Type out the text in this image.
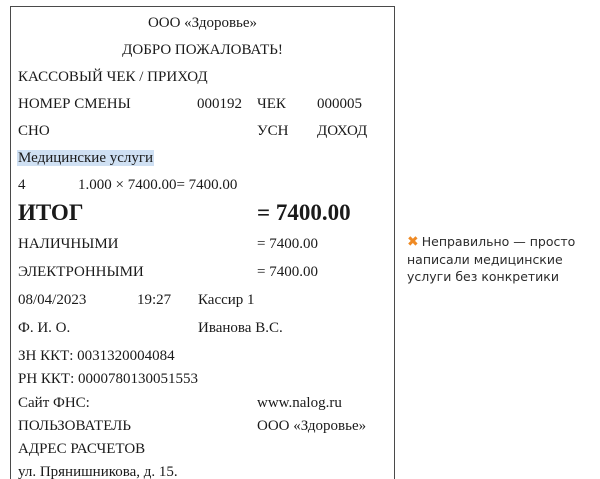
ООО «Здоровье»
ДОБРО ПОЖАЛОВАТЬ!
КАССОВЫЙ ЧЕК / ПРИХОД
НОМЕР СМЕНЫ	000192 ЧЕК 000005
СНО	УСН ДОХОД
Медицинские услуги
4	1.000 × 7400.00= 7400.00
ИТОГ	= 7400.00
НАЛИЧНЫМИ	= 7400.00
ЭЛЕКТРОННЫМИ	= 7400.00
08/04/2023	19:27 Кассир 1
Ф. И. О.	Иванова В.С.
ЗН ККТ: 0031320004084
РН ККТ: 0000780130051553
Сайт ФНС:	www.nalog.ru
ПОЛЬЗОВАТЕЛЬ	ООО «Здоровье»
АДРЕС РАСЧЕТОВ
ул. Прянишникова, д. 15.
✖ Неправильно — просто написали медицинские услуги без конкретики
